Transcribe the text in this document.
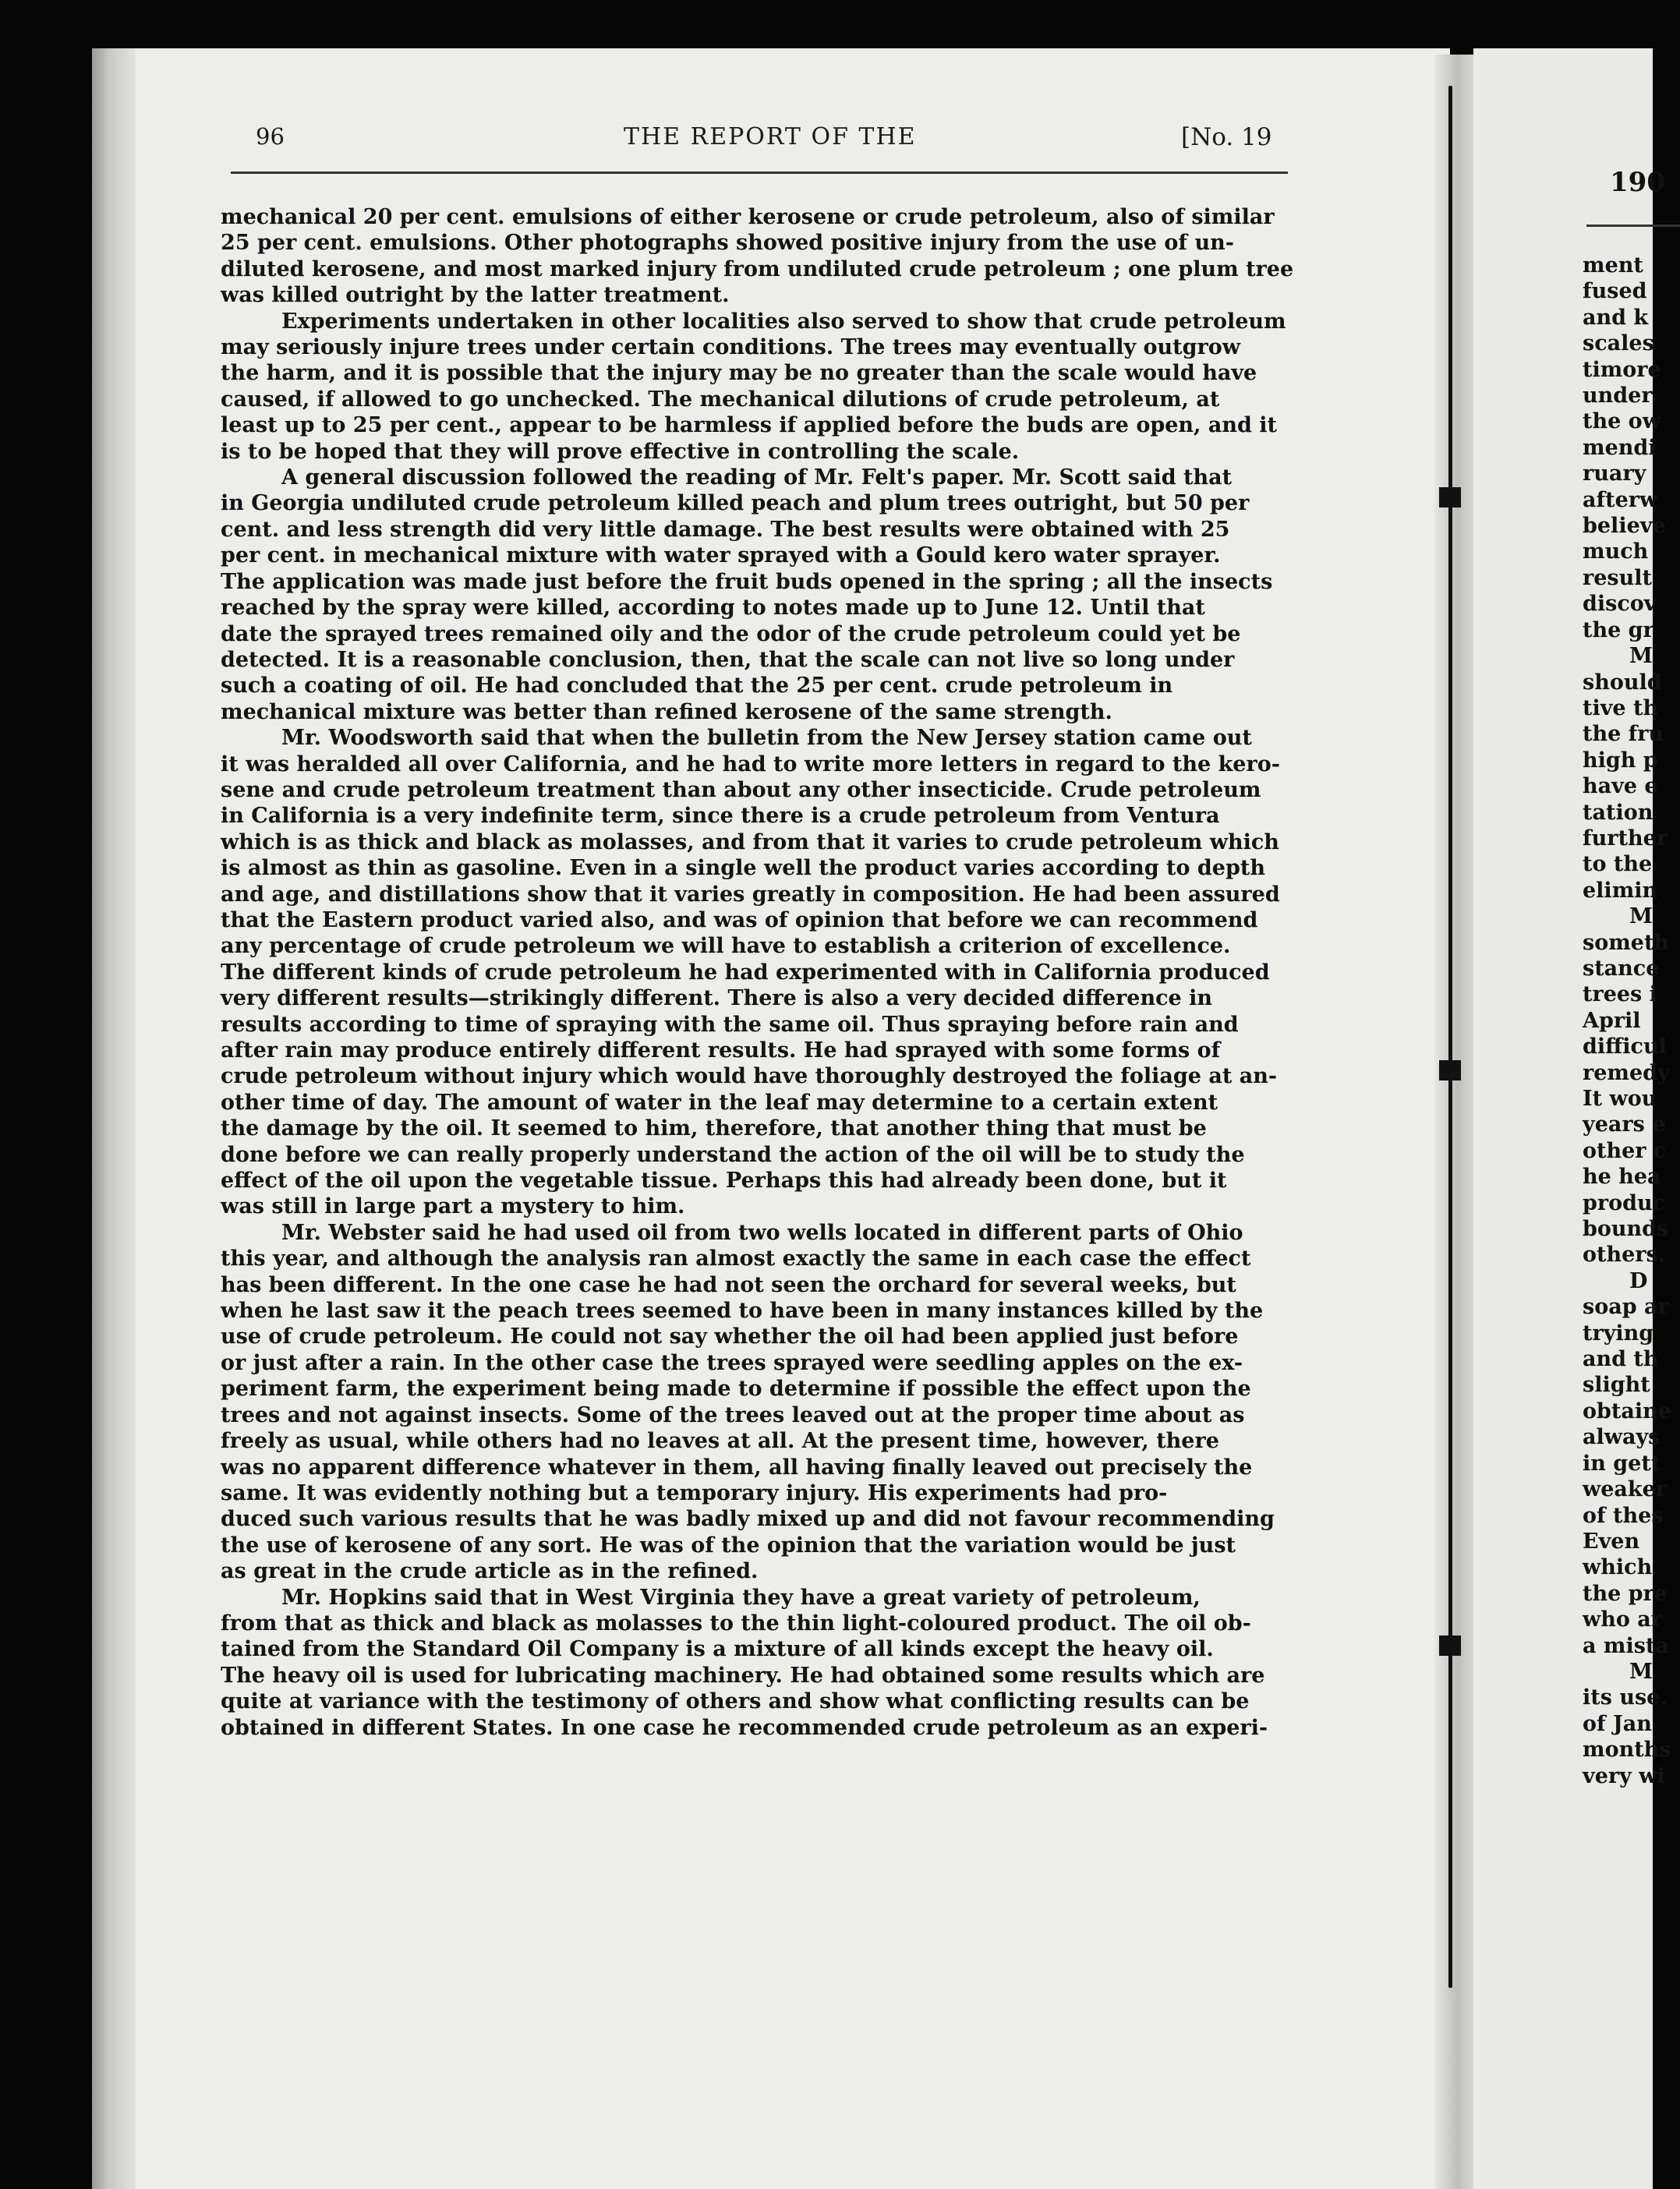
190
ment
fused
and k
scales
timore
under
the ow
mendi
ruary
afterw
believe
much
result
discov
the gr
M
should
tive th
the fru
high p
have e
tation
further
to the
elimin
M
someth
stance
trees i
April
difficul
remedy
It wou
years e
other c
he hea
produc
bounds
others.
D
soap ar
trying
and th
slight
obtaine
always
in gett
weaker
of thes
Even
which
the pre
who ar
a mista
M
its use.
of Jan
months
very wi
96	THE REPORT OF THE	[No. 19
mechanical 20 per cent. emulsions of either kerosene or crude petroleum, also of similar
25 per cent. emulsions. Other photographs showed positive injury from the use of un-
diluted kerosene, and most marked injury from undiluted crude petroleum ; one plum tree
was killed outright by the latter treatment.
Experiments undertaken in other localities also served to show that crude petroleum
may seriously injure trees under certain conditions. The trees may eventually outgrow
the harm, and it is possible that the injury may be no greater than the scale would have
caused, if allowed to go unchecked. The mechanical dilutions of crude petroleum, at
least up to 25 per cent., appear to be harmless if applied before the buds are open, and it
is to be hoped that they will prove effective in controlling the scale.
A general discussion followed the reading of Mr. Felt's paper. Mr. Scott said that
in Georgia undiluted crude petroleum killed peach and plum trees outright, but 50 per
cent. and less strength did very little damage. The best results were obtained with 25
per cent. in mechanical mixture with water sprayed with a Gould kero water sprayer.
The application was made just before the fruit buds opened in the spring ; all the insects
reached by the spray were killed, according to notes made up to June 12. Until that
date the sprayed trees remained oily and the odor of the crude petroleum could yet be
detected. It is a reasonable conclusion, then, that the scale can not live so long under
such a coating of oil. He had concluded that the 25 per cent. crude petroleum in
mechanical mixture was better than refined kerosene of the same strength.
Mr. Woodsworth said that when the bulletin from the New Jersey station came out
it was heralded all over California, and he had to write more letters in regard to the kero-
sene and crude petroleum treatment than about any other insecticide. Crude petroleum
in California is a very indefinite term, since there is a crude petroleum from Ventura
which is as thick and black as molasses, and from that it varies to crude petroleum which
is almost as thin as gasoline. Even in a single well the product varies according to depth
and age, and distillations show that it varies greatly in composition. He had been assured
that the Eastern product varied also, and was of opinion that before we can recommend
any percentage of crude petroleum we will have to establish a criterion of excellence.
The different kinds of crude petroleum he had experimented with in California produced
very different results—strikingly different. There is also a very decided difference in
results according to time of spraying with the same oil. Thus spraying before rain and
after rain may produce entirely different results. He had sprayed with some forms of
crude petroleum without injury which would have thoroughly destroyed the foliage at an-
other time of day. The amount of water in the leaf may determine to a certain extent
the damage by the oil. It seemed to him, therefore, that another thing that must be
done before we can really properly understand the action of the oil will be to study the
effect of the oil upon the vegetable tissue. Perhaps this had already been done, but it
was still in large part a mystery to him.
Mr. Webster said he had used oil from two wells located in different parts of Ohio
this year, and although the analysis ran almost exactly the same in each case the effect
has been different. In the one case he had not seen the orchard for several weeks, but
when he last saw it the peach trees seemed to have been in many instances killed by the
use of crude petroleum. He could not say whether the oil had been applied just before
or just after a rain. In the other case the trees sprayed were seedling apples on the ex-
periment farm, the experiment being made to determine if possible the effect upon the
trees and not against insects. Some of the trees leaved out at the proper time about as
freely as usual, while others had no leaves at all. At the present time, however, there
was no apparent difference whatever in them, all having finally leaved out precisely the
same. It was evidently nothing but a temporary injury. His experiments had pro-
duced such various results that he was badly mixed up and did not favour recommending
the use of kerosene of any sort. He was of the opinion that the variation would be just
as great in the crude article as in the refined.
Mr. Hopkins said that in West Virginia they have a great variety of petroleum,
from that as thick and black as molasses to the thin light-coloured product. The oil ob-
tained from the Standard Oil Company is a mixture of all kinds except the heavy oil.
The heavy oil is used for lubricating machinery. He had obtained some results which are
quite at variance with the testimony of others and show what conflicting results can be
obtained in different States. In one case he recommended crude petroleum as an experi-
